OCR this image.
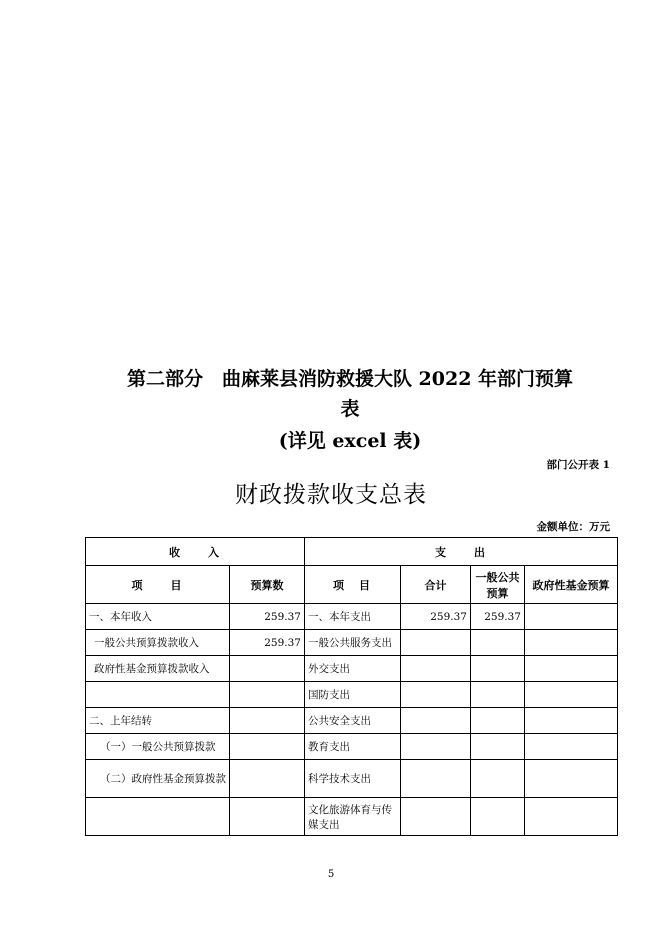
第二部分　曲麻莱县消防救援大队 2022 年部门预算
表
(详见 excel 表)
部门公开表 1
财政拨款收支总表
金额单位：万元
收　　入		支　　出			
项　　目	预算数	项　目	合计	一般公共预算	政府性基金预算
一、本年收入	259.37	一、本年支出	259.37	259.37	
一般公共预算拨款收入	259.37	一般公共服务支出			
政府性基金预算拨款收入		外交支出			
		国防支出			
二、上年结转		公共安全支出			
（一）一般公共预算拨款		教育支出			
（二）政府性基金预算拨款		科学技术支出			
		文化旅游体育与传媒支出			
5
